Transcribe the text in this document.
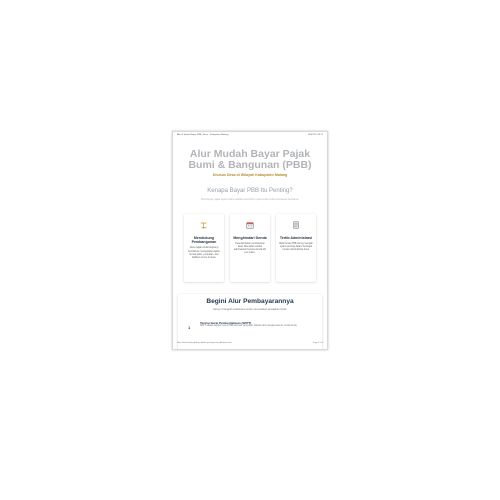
Alur & Syarat Bayar PBB | Desa - Kabupaten Malang	19/07/25, 08.17
Alur Mudah Bayar Pajak Bumi & Bangunan (PBB)
Khusus Desa di Wilayah Kabupaten Malang
Kenapa Bayar PBB Itu Penting?
Membayar pajak tepat waktu adalah kontribusi nyata Anda untuk kemajuan bersama.
Mendukung Pembangunan
Dana pajak Anda langsung kembali ke masyarakat dalam bentuk jalan, jembatan, dan fasilitas umum di desa.
Menghindari Denda
Keterlambatan pembayaran akan dikenakan sanksi administrasi berupa denda 2% per bulan.
Tertib Administrasi
Bukti lunas PBB sering menjadi syarat penting dalam berbagai urusan administrasi desa.
Begini Alur Pembayarannya
Hanya 4 langkah sederhana untuk menunaikan kewajiban Anda.
1
Terima Surat Pemberitahuan (SPPT)
SPPT adalah tagihan resmi PBB tahunan yang akan diantar oleh petugas desa ke rumah Anda.
https://www.malangkab.go.id/alur-pembayaran-pbb-desa.html	Page 1 of 4
